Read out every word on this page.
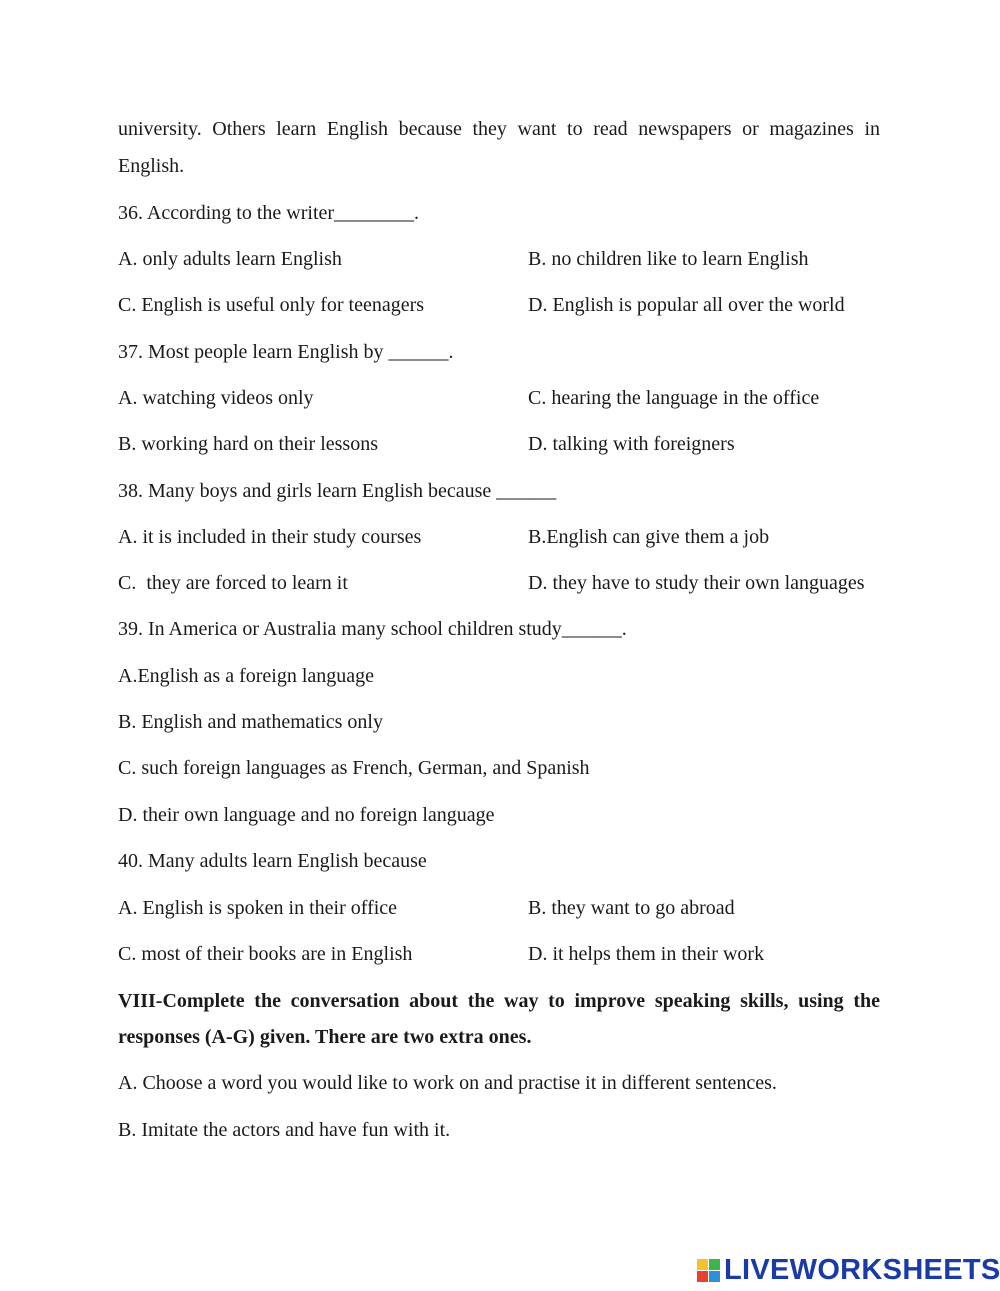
university. Others learn English because they want to read newspapers or magazines in
English.
36. According to the writer________.
A. only adults learn English	B. no children like to learn English
C. English is useful only for teenagers	D. English is popular all over the world
37. Most people learn English by ______.
A. watching videos only	C. hearing the language in the office
B. working hard on their lessons	D. talking with foreigners
38. Many boys and girls learn English because ______
A. it is included in their study courses	B.English can give them a job
C.  they are forced to learn it	D. they have to study their own languages
39. In America or Australia many school children study______.
A.English as a foreign language
B. English and mathematics only
C. such foreign languages as French, German, and Spanish
D. their own language and no foreign language
40. Many adults learn English because
A. English is spoken in their office	B. they want to go abroad
C. most of their books are in English	D. it helps them in their work
VIII-Complete the conversation about the way to improve speaking skills, using the
responses (A-G) given. There are two extra ones.
A. Choose a word you would like to work on and practise it in different sentences.
B. Imitate the actors and have fun with it.
LIVEWORKSHEETS
